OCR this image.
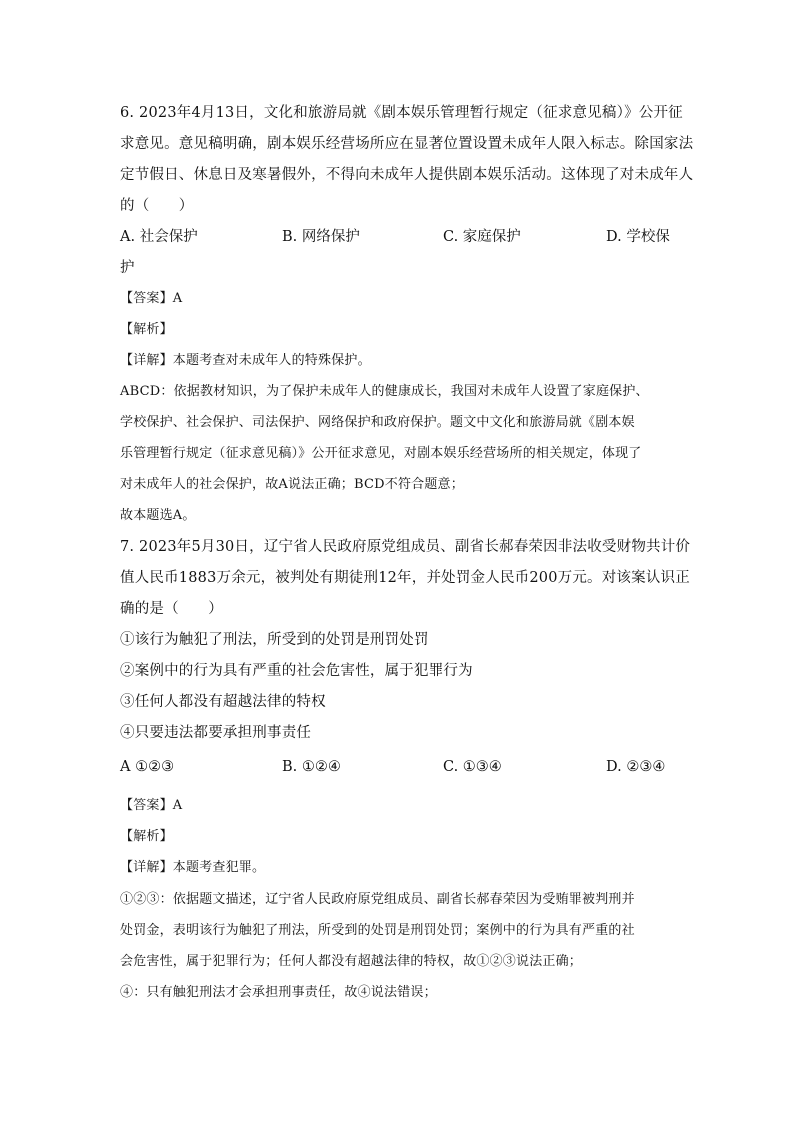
6. 2023年4月13日，文化和旅游局就《剧本娱乐管理暂行规定（征求意见稿）》公开征
求意见。意见稿明确，剧本娱乐经营场所应在显著位置设置未成年人限入标志。除国家法
定节假日、休息日及寒暑假外，不得向未成年人提供剧本娱乐活动。这体现了对未成年人
的（　　）
A. 社会保护	B. 网络保护	C. 家庭保护	D. 学校保
护
【答案】A
【解析】
【详解】本题考查对未成年人的特殊保护。
ABCD：依据教材知识，为了保护未成年人的健康成长，我国对未成年人设置了家庭保护、
学校保护、社会保护、司法保护、网络保护和政府保护。题文中文化和旅游局就《剧本娱
乐管理暂行规定（征求意见稿）》公开征求意见，对剧本娱乐经营场所的相关规定，体现了
对未成年人的社会保护，故A说法正确；BCD不符合题意；
故本题选A。
7. 2023年5月30日，辽宁省人民政府原党组成员、副省长郝春荣因非法收受财物共计价
值人民币1883万余元，被判处有期徒刑12年，并处罚金人民币200万元。对该案认识正
确的是（　　）
①该行为触犯了刑法，所受到的处罚是刑罚处罚
②案例中的行为具有严重的社会危害性，属于犯罪行为
③任何人都没有超越法律的特权
④只要违法都要承担刑事责任
A ①②③	B. ①②④	C. ①③④	D. ②③④
【答案】A
【解析】
【详解】本题考查犯罪。
①②③：依据题文描述，辽宁省人民政府原党组成员、副省长郝春荣因为受贿罪被判刑并
处罚金，表明该行为触犯了刑法，所受到的处罚是刑罚处罚；案例中的行为具有严重的社
会危害性，属于犯罪行为；任何人都没有超越法律的特权，故①②③说法正确；
④：只有触犯刑法才会承担刑事责任，故④说法错误；
